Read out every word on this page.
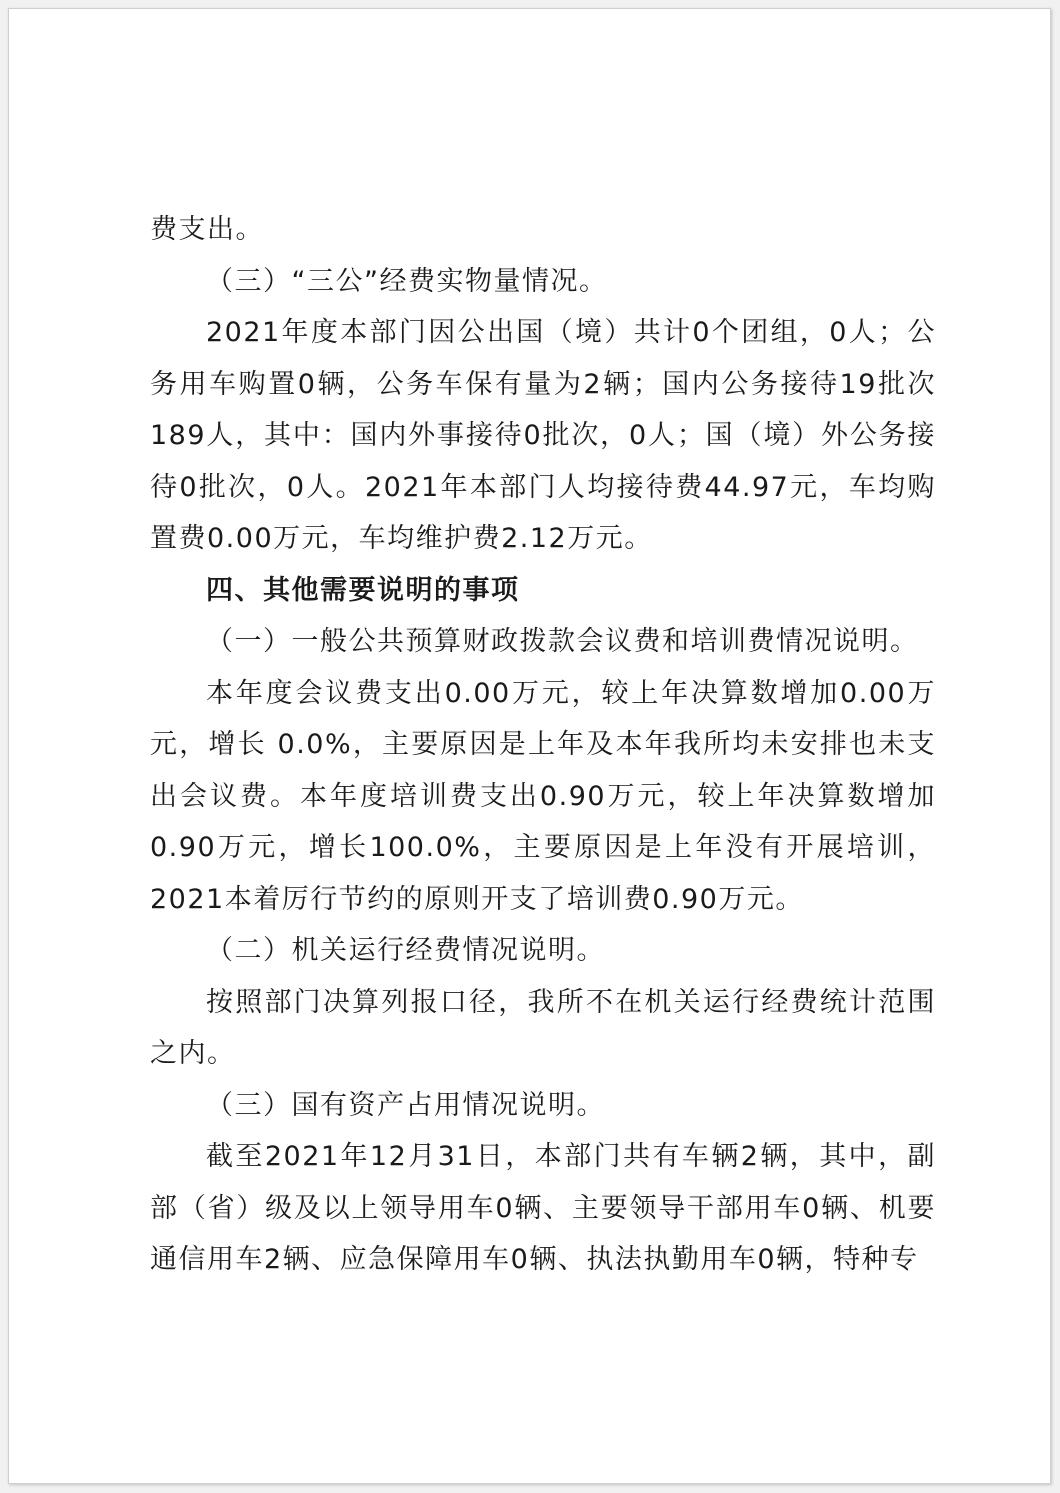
费支出。

（三）“三公”经费实物量情况。

2021年度本部门因公出国（境）共计0个团组，0人；公务用车购置0辆，公务车保有量为2辆；国内公务接待19批次189人，其中：国内外事接待0批次，0人；国（境）外公务接待0批次，0人。2021年本部门人均接待费44.97元，车均购置费0.00万元，车均维护费2.12万元。

四、其他需要说明的事项

（一）一般公共预算财政拨款会议费和培训费情况说明。

本年度会议费支出0.00万元，较上年决算数增加0.00万元，增长 0.0%，主要原因是上年及本年我所均未安排也未支出会议费。本年度培训费支出0.90万元，较上年决算数增加0.90万元，增长100.0%，主要原因是上年没有开展培训，2021本着厉行节约的原则开支了培训费0.90万元。

（二）机关运行经费情况说明。

按照部门决算列报口径，我所不在机关运行经费统计范围之内。

（三）国有资产占用情况说明。

截至2021年12月31日，本部门共有车辆2辆，其中，副部（省）级及以上领导用车0辆、主要领导干部用车0辆、机要通信用车2辆、应急保障用车0辆、执法执勤用车0辆，特种专
